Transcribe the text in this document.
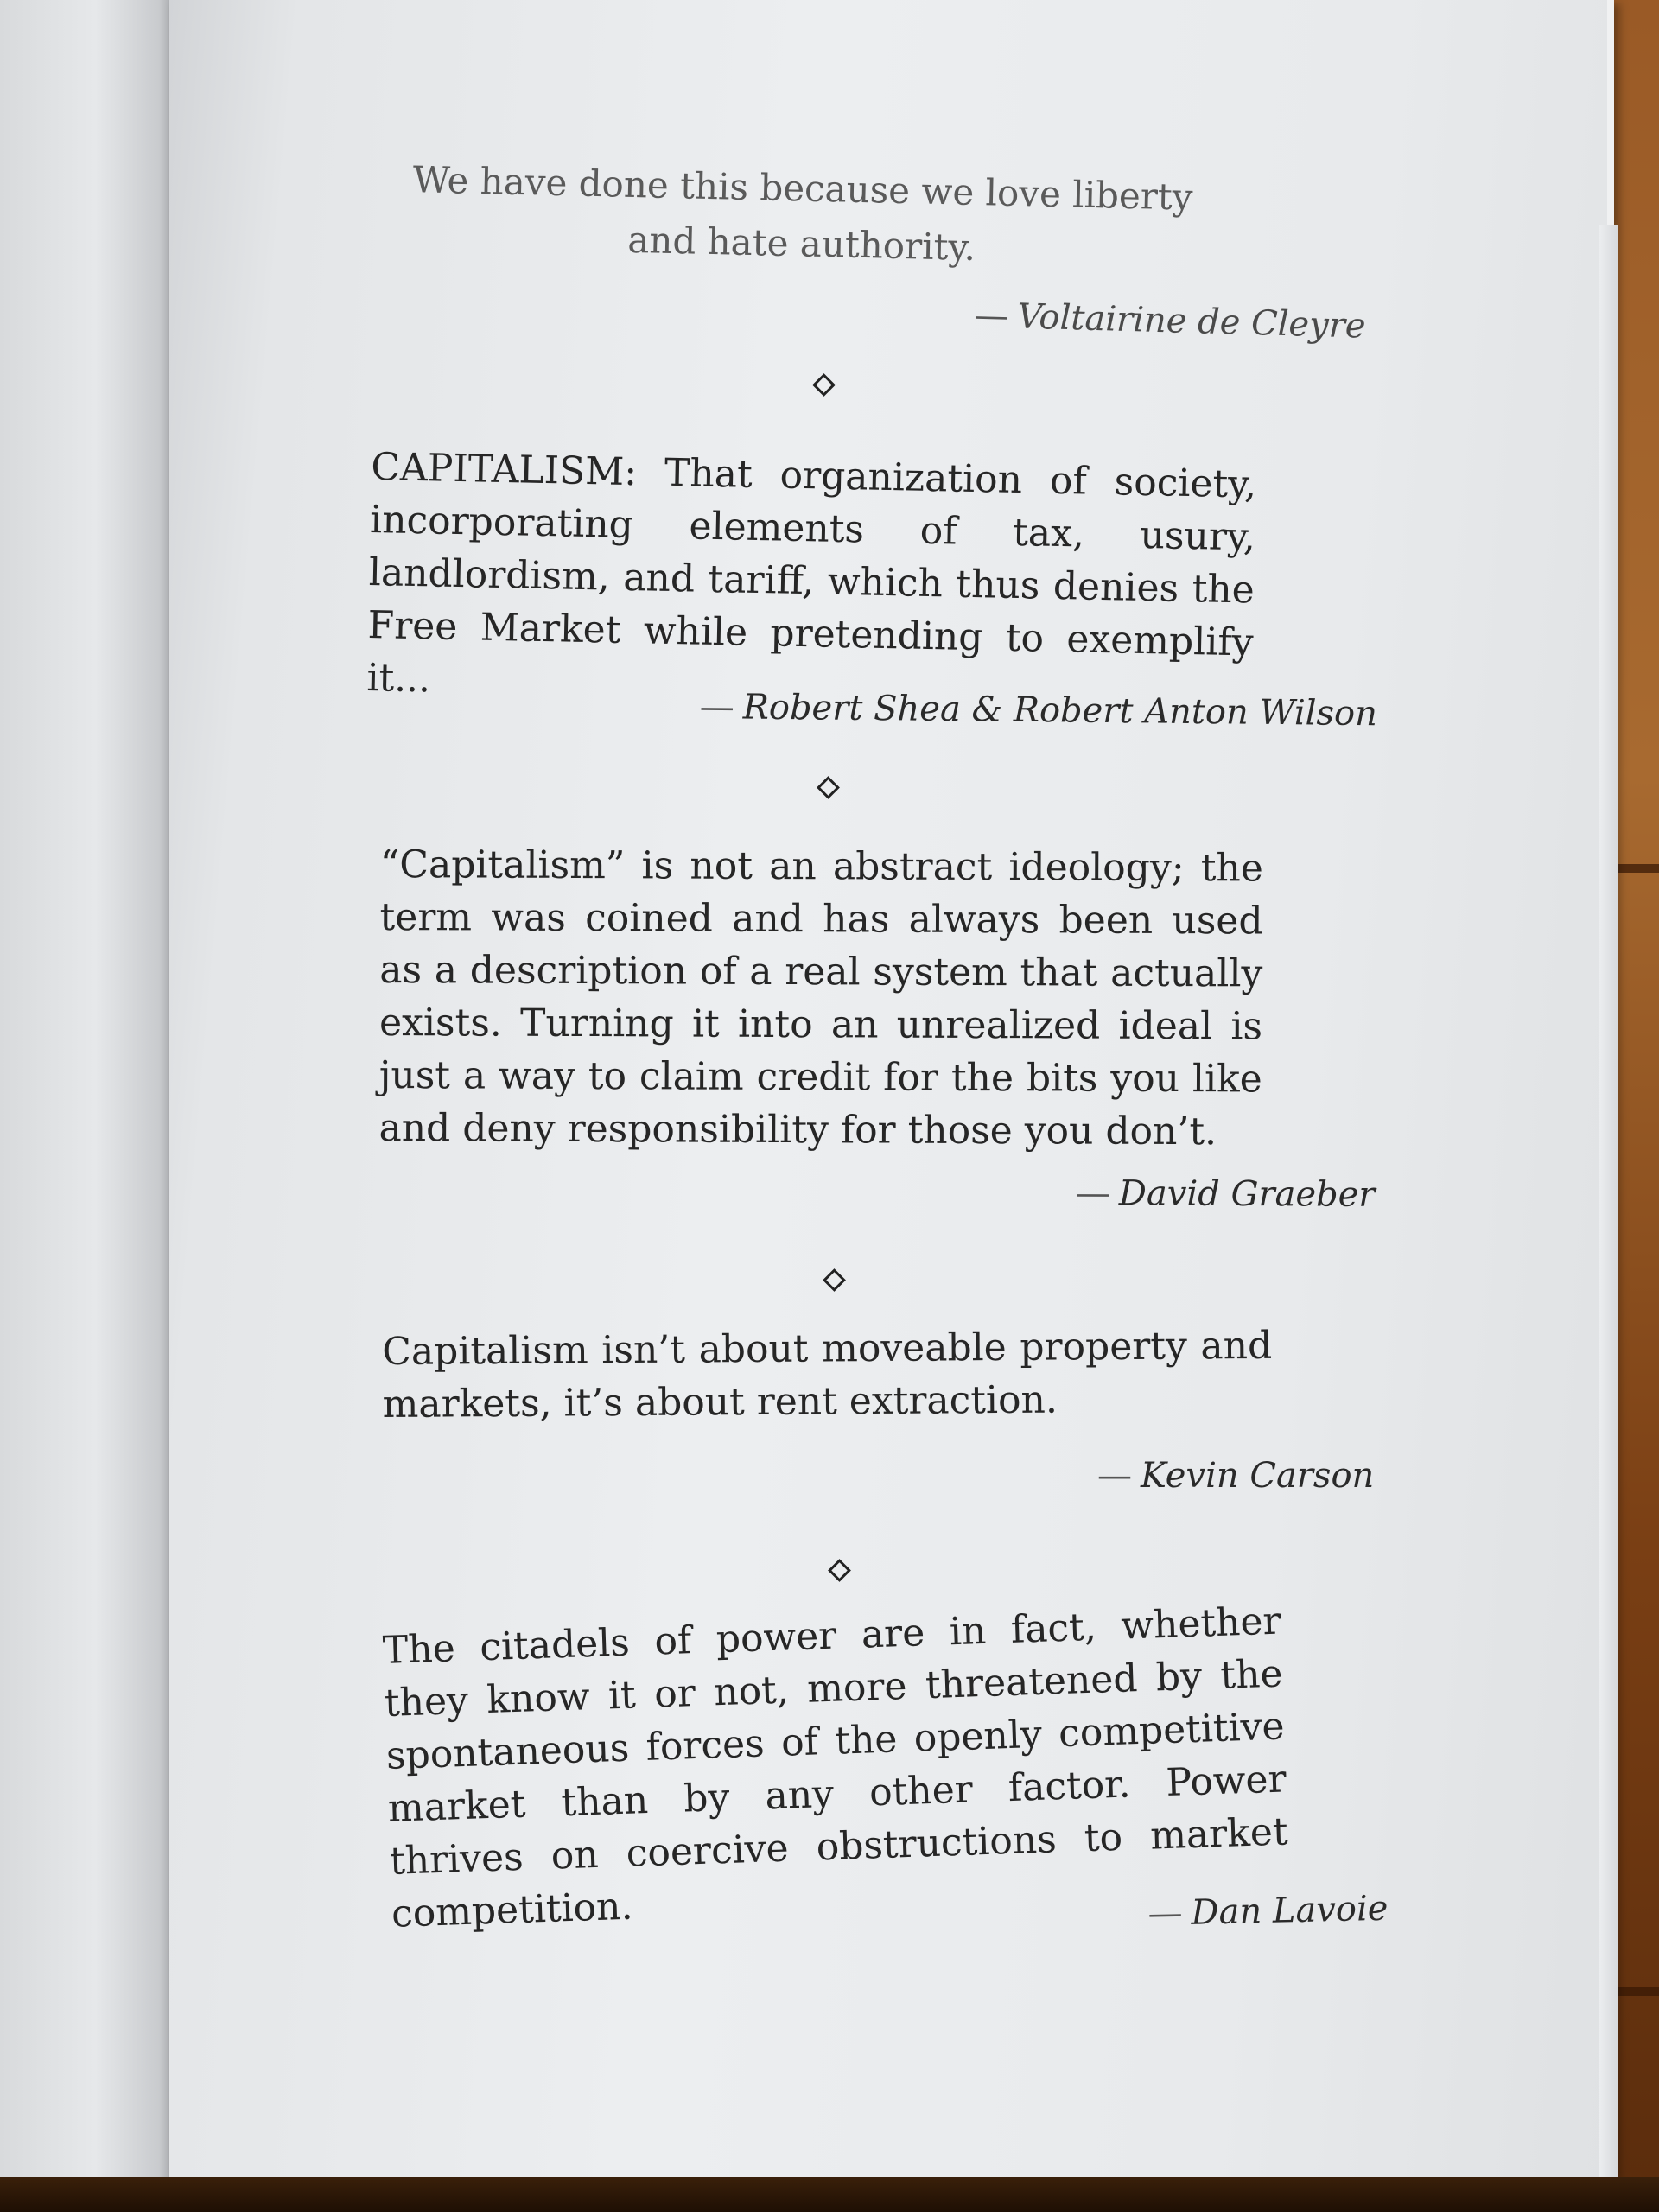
We have done this because we love liberty and hate authority.

— Voltairine de Cleyre

CAPITALISM: That organization of society, incorporating elements of tax, usury, landlordism, and tariff, which thus denies the Free Market while pretending to exemplify it...

— Robert Shea & Robert Anton Wilson

“Capitalism” is not an abstract ideology; the term was coined and has always been used as a description of a real system that actually exists. Turning it into an unrealized ideal is just a way to claim credit for the bits you like and deny responsibility for those you don’t.

— David Graeber

Capitalism isn’t about moveable property and markets, it’s about rent extraction.

— Kevin Carson

The citadels of power are in fact, whether they know it or not, more threatened by the spontaneous forces of the openly competitive market than by any other factor. Power thrives on coercive obstructions to market competition.	— Dan Lavoie
